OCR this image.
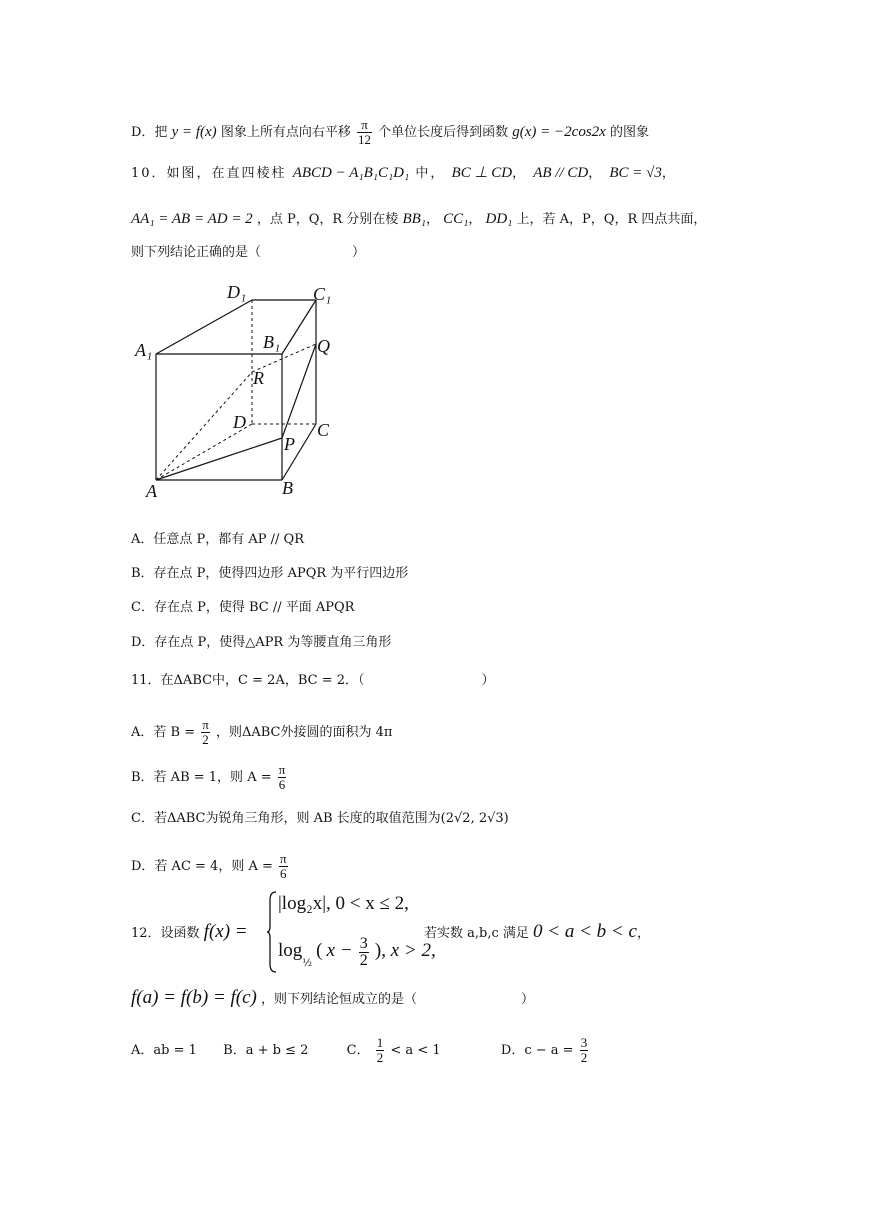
D．把 y = f(x) 图象上所有点向右平移 $\frac{\pi}{12}$ 个单位长度后得到函数 g(x) = −2cos2x 的图象
10．如图，在直四棱柱 ABCD − A₁B₁C₁D₁ 中， BC ⊥ CD， AB // CD， BC = √3，
AA₁ = AB = AD = 2 ，点 P，Q，R 分别在棱 BB₁， CC₁， DD₁ 上，若 A，P，Q，R 四点共面，
则下列结论正确的是（　　　　　　　）
D₁	C₁
A₁	B₁ Q
R
D	C
P
A	B
A．任意点 P，都有 AP // QR
B．存在点 P，使得四边形 APQR 为平行四边形
C．存在点 P，使得 BC // 平面 APQR
D．存在点 P，使得△APR 为等腰直角三角形
11．在ΔABC中，C = 2A，BC = 2．（　　　　　　　　　）
A．若 $B = \frac{\pi}{2}$ ，则ΔABC外接圆的面积为 4π
B．若 AB = 1，则 $A = \frac{\pi}{6}$
C．若ΔABC为锐角三角形，则 AB 长度的取值范围为(2√2, 2√3)
D．若 AC = 4，则 $A = \frac{\pi}{6}$
12．设函数 f(x) =
|log₂x|, 0 < x ≤ 2,
$\log_{\frac{1}{2}}$ ( $x - \frac{3}{2}$ ), x > 2,
若实数 a,b,c 满足 0 < a < b < c，
f(a) = f(b) = f(c) ，则下列结论恒成立的是（　　　　　　　　）
A．ab = 1 B．a + b ≤ 2	C． $\frac{1}{2} < a < 1$	D．$c - a = \frac{3}{2}$
